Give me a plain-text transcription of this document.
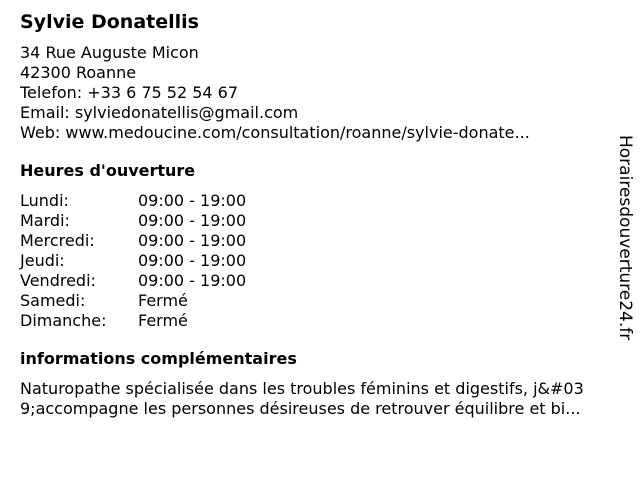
Sylvie Donatellis
34 Rue Auguste Micon
42300 Roanne
Telefon: +33 6 75 52 54 67
Email: sylviedonatellis@gmail.com
Web: www.medoucine.com/consultation/roanne/sylvie-donate...
Heures d'ouverture
Lundi:	09:00 - 19:00
Mardi:	09:00 - 19:00
Mercredi:	09:00 - 19:00
Jeudi:	09:00 - 19:00
Vendredi:	09:00 - 19:00
Samedi:	Fermé
Dimanche:	Fermé
informations complémentaires
Naturopathe spécialisée dans les troubles féminins et digestifs, j&#03
9;accompagne les personnes désireuses de retrouver équilibre et bi...
Horairesdouverture24.fr
